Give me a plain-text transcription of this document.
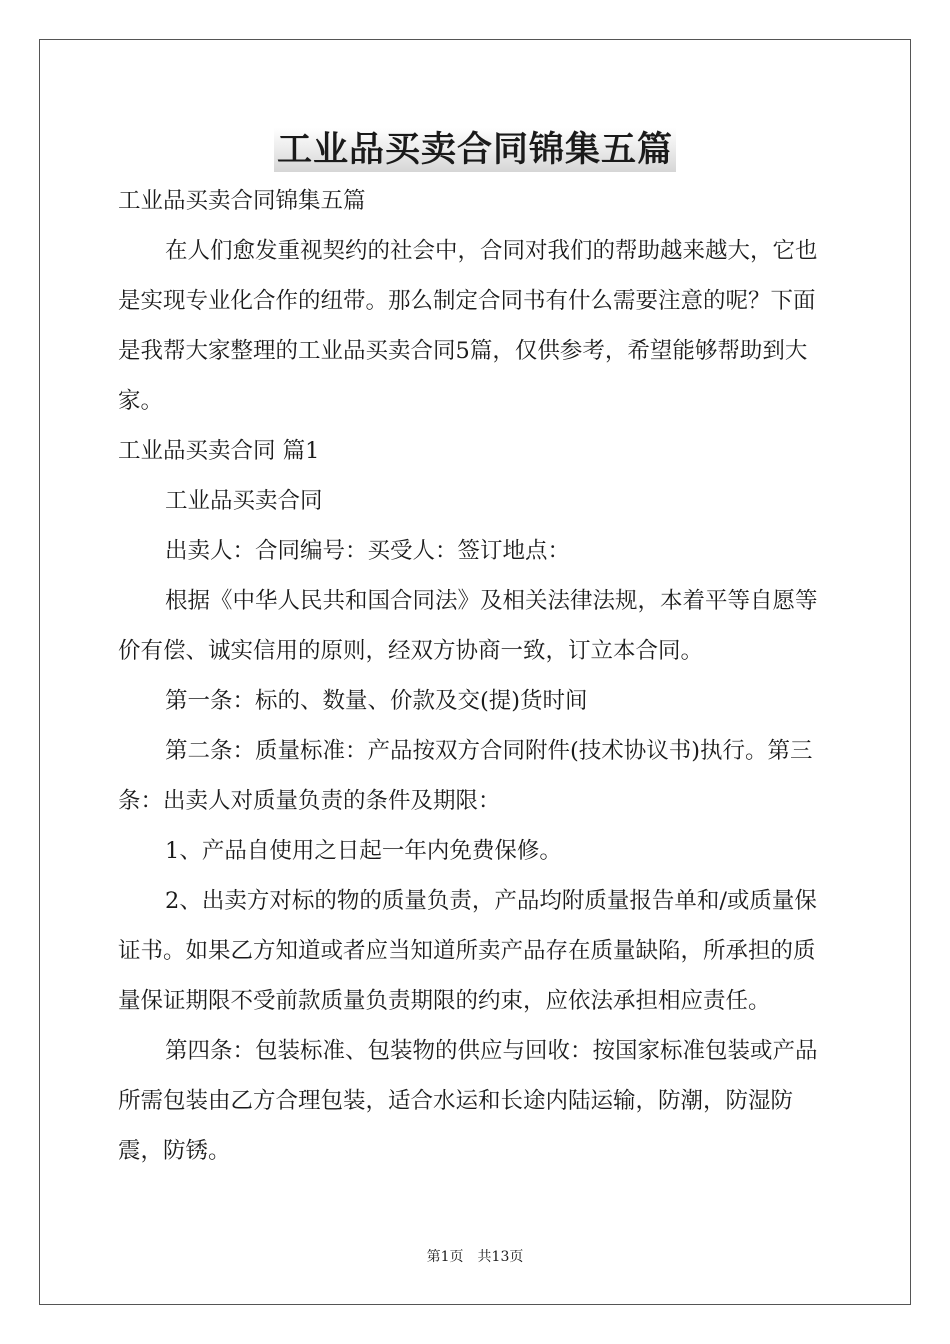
工业品买卖合同锦集五篇

工业品买卖合同锦集五篇

在人们愈发重视契约的社会中，合同对我们的帮助越来越大，它也是实现专业化合作的纽带。那么制定合同书有什么需要注意的呢？下面是我帮大家整理的工业品买卖合同5篇，仅供参考，希望能够帮助到大家。

工业品买卖合同 篇1

工业品买卖合同

出卖人：合同编号：买受人：签订地点：

根据《中华人民共和国合同法》及相关法律法规，本着平等自愿等价有偿、诚实信用的原则，经双方协商一致，订立本合同。

第一条：标的、数量、价款及交(提)货时间

第二条：质量标准：产品按双方合同附件(技术协议书)执行。第三条：出卖人对质量负责的条件及期限：

1、产品自使用之日起一年内免费保修。

2、出卖方对标的物的质量负责，产品均附质量报告单和/或质量保证书。如果乙方知道或者应当知道所卖产品存在质量缺陷，所承担的质量保证期限不受前款质量负责期限的约束，应依法承担相应责任。

第四条：包装标准、包装物的供应与回收：按国家标准包装或产品所需包装由乙方合理包装，适合水运和长途内陆运输，防潮，防湿防震，防锈。

第1页　共13页
